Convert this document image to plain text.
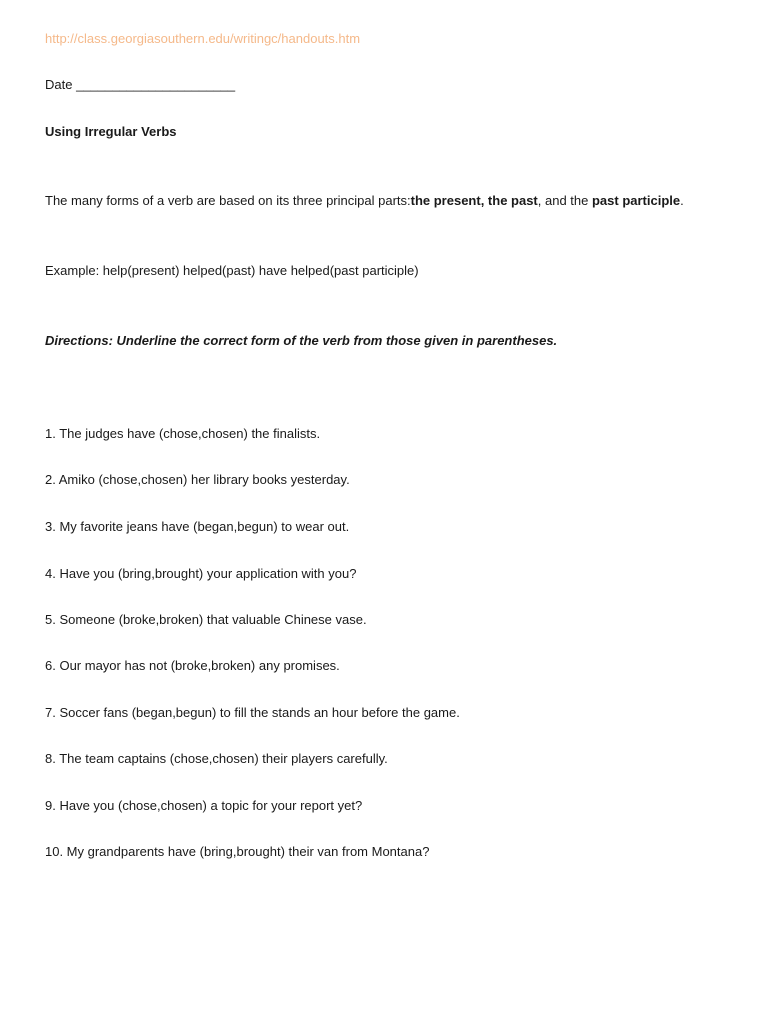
http://class.georgiasouthern.edu/writingc/handouts.htm
Date ______________________
Using Irregular Verbs
The many forms of a verb are based on its three principal parts:the present, the past, and the past participle.
Example: help(present) helped(past) have helped(past participle)
Directions: Underline the correct form of the verb from those given in parentheses.
1. The judges have (chose,chosen) the finalists.
2. Amiko (chose,chosen) her library books yesterday.
3. My favorite jeans have (began,begun) to wear out.
4. Have you (bring,brought) your application with you?
5. Someone (broke,broken) that valuable Chinese vase.
6. Our mayor has not (broke,broken) any promises.
7. Soccer fans (began,begun) to fill the stands an hour before the game.
8. The team captains (chose,chosen) their players carefully.
9. Have you (chose,chosen) a topic for your report yet?
10. My grandparents have (bring,brought) their van from Montana?
